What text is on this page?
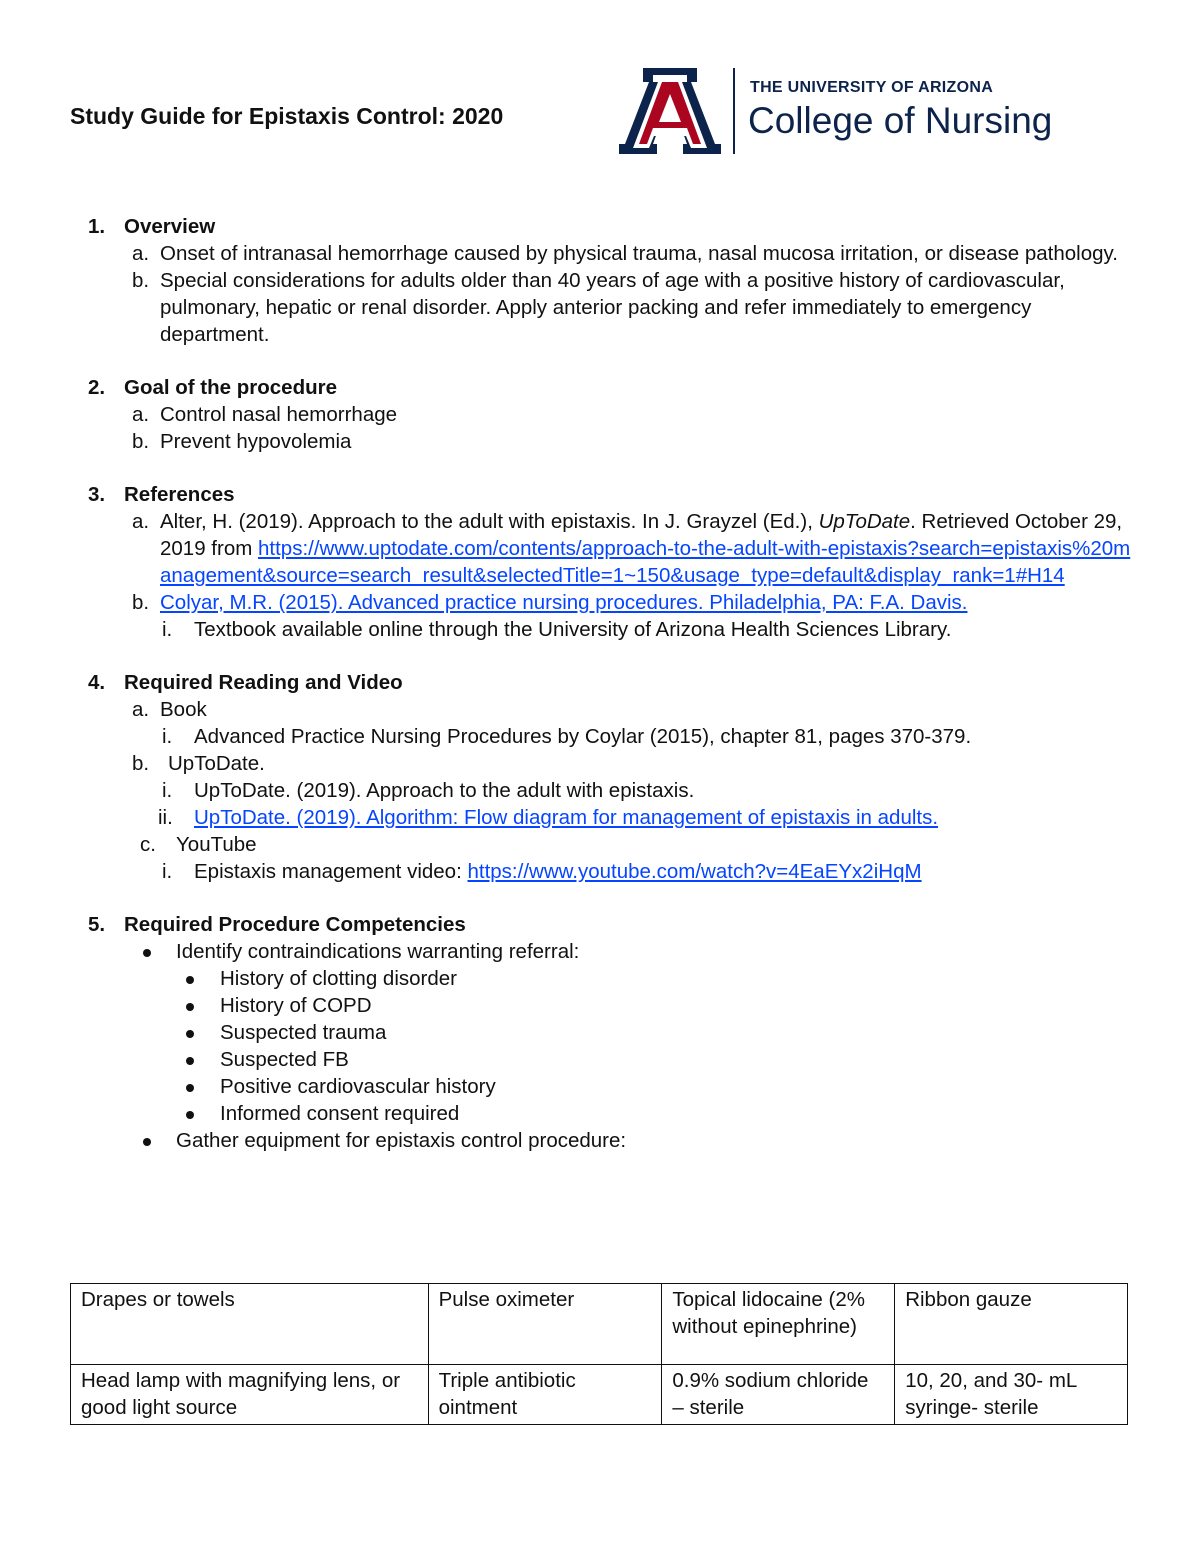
Study Guide for Epistaxis Control: 2020
®
THE UNIVERSITY OF ARIZONA
College of Nursing
1. Overview
a. Onset of intranasal hemorrhage caused by physical trauma, nasal mucosa irritation, or disease pathology.
b. Special considerations for adults older than 40 years of age with a positive history of cardiovascular, pulmonary, hepatic or renal disorder. Apply anterior packing and refer immediately to emergency department.
2. Goal of the procedure
a. Control nasal hemorrhage
b. Prevent hypovolemia
3. References
a. Alter, H. (2019). Approach to the adult with epistaxis. In J. Grayzel (Ed.), UpToDate. Retrieved October 29, 2019 from https://www.uptodate.com/contents/approach-to-the-adult-with-epistaxis?search=epistaxis%20management&source=search_result&selectedTitle=1~150&usage_type=default&display_rank=1#H14
b. Colyar, M.R. (2015). Advanced practice nursing procedures. Philadelphia, PA: F.A. Davis.
i. Textbook available online through the University of Arizona Health Sciences Library.
4. Required Reading and Video
a. Book
i. Advanced Practice Nursing Procedures by Coylar (2015), chapter 81, pages 370-379.
b. UpToDate.
i. UpToDate. (2019). Approach to the adult with epistaxis.
ii. UpToDate. (2019). Algorithm: Flow diagram for management of epistaxis in adults.
c. YouTube
i. Epistaxis management video: https://www.youtube.com/watch?v=4EaEYx2iHqM
5. Required Procedure Competencies
Identify contraindications warranting referral:
History of clotting disorder
History of COPD
Suspected trauma
Suspected FB
Positive cardiovascular history
Informed consent required
Gather equipment for epistaxis control procedure:
Drapes or towels	Pulse oximeter	Topical lidocaine (2% without epinephrine)	Ribbon gauze
Head lamp with magnifying lens, or good light source	Triple antibiotic ointment	0.9% sodium chloride – sterile	10, 20, and 30- mL syringe- sterile
